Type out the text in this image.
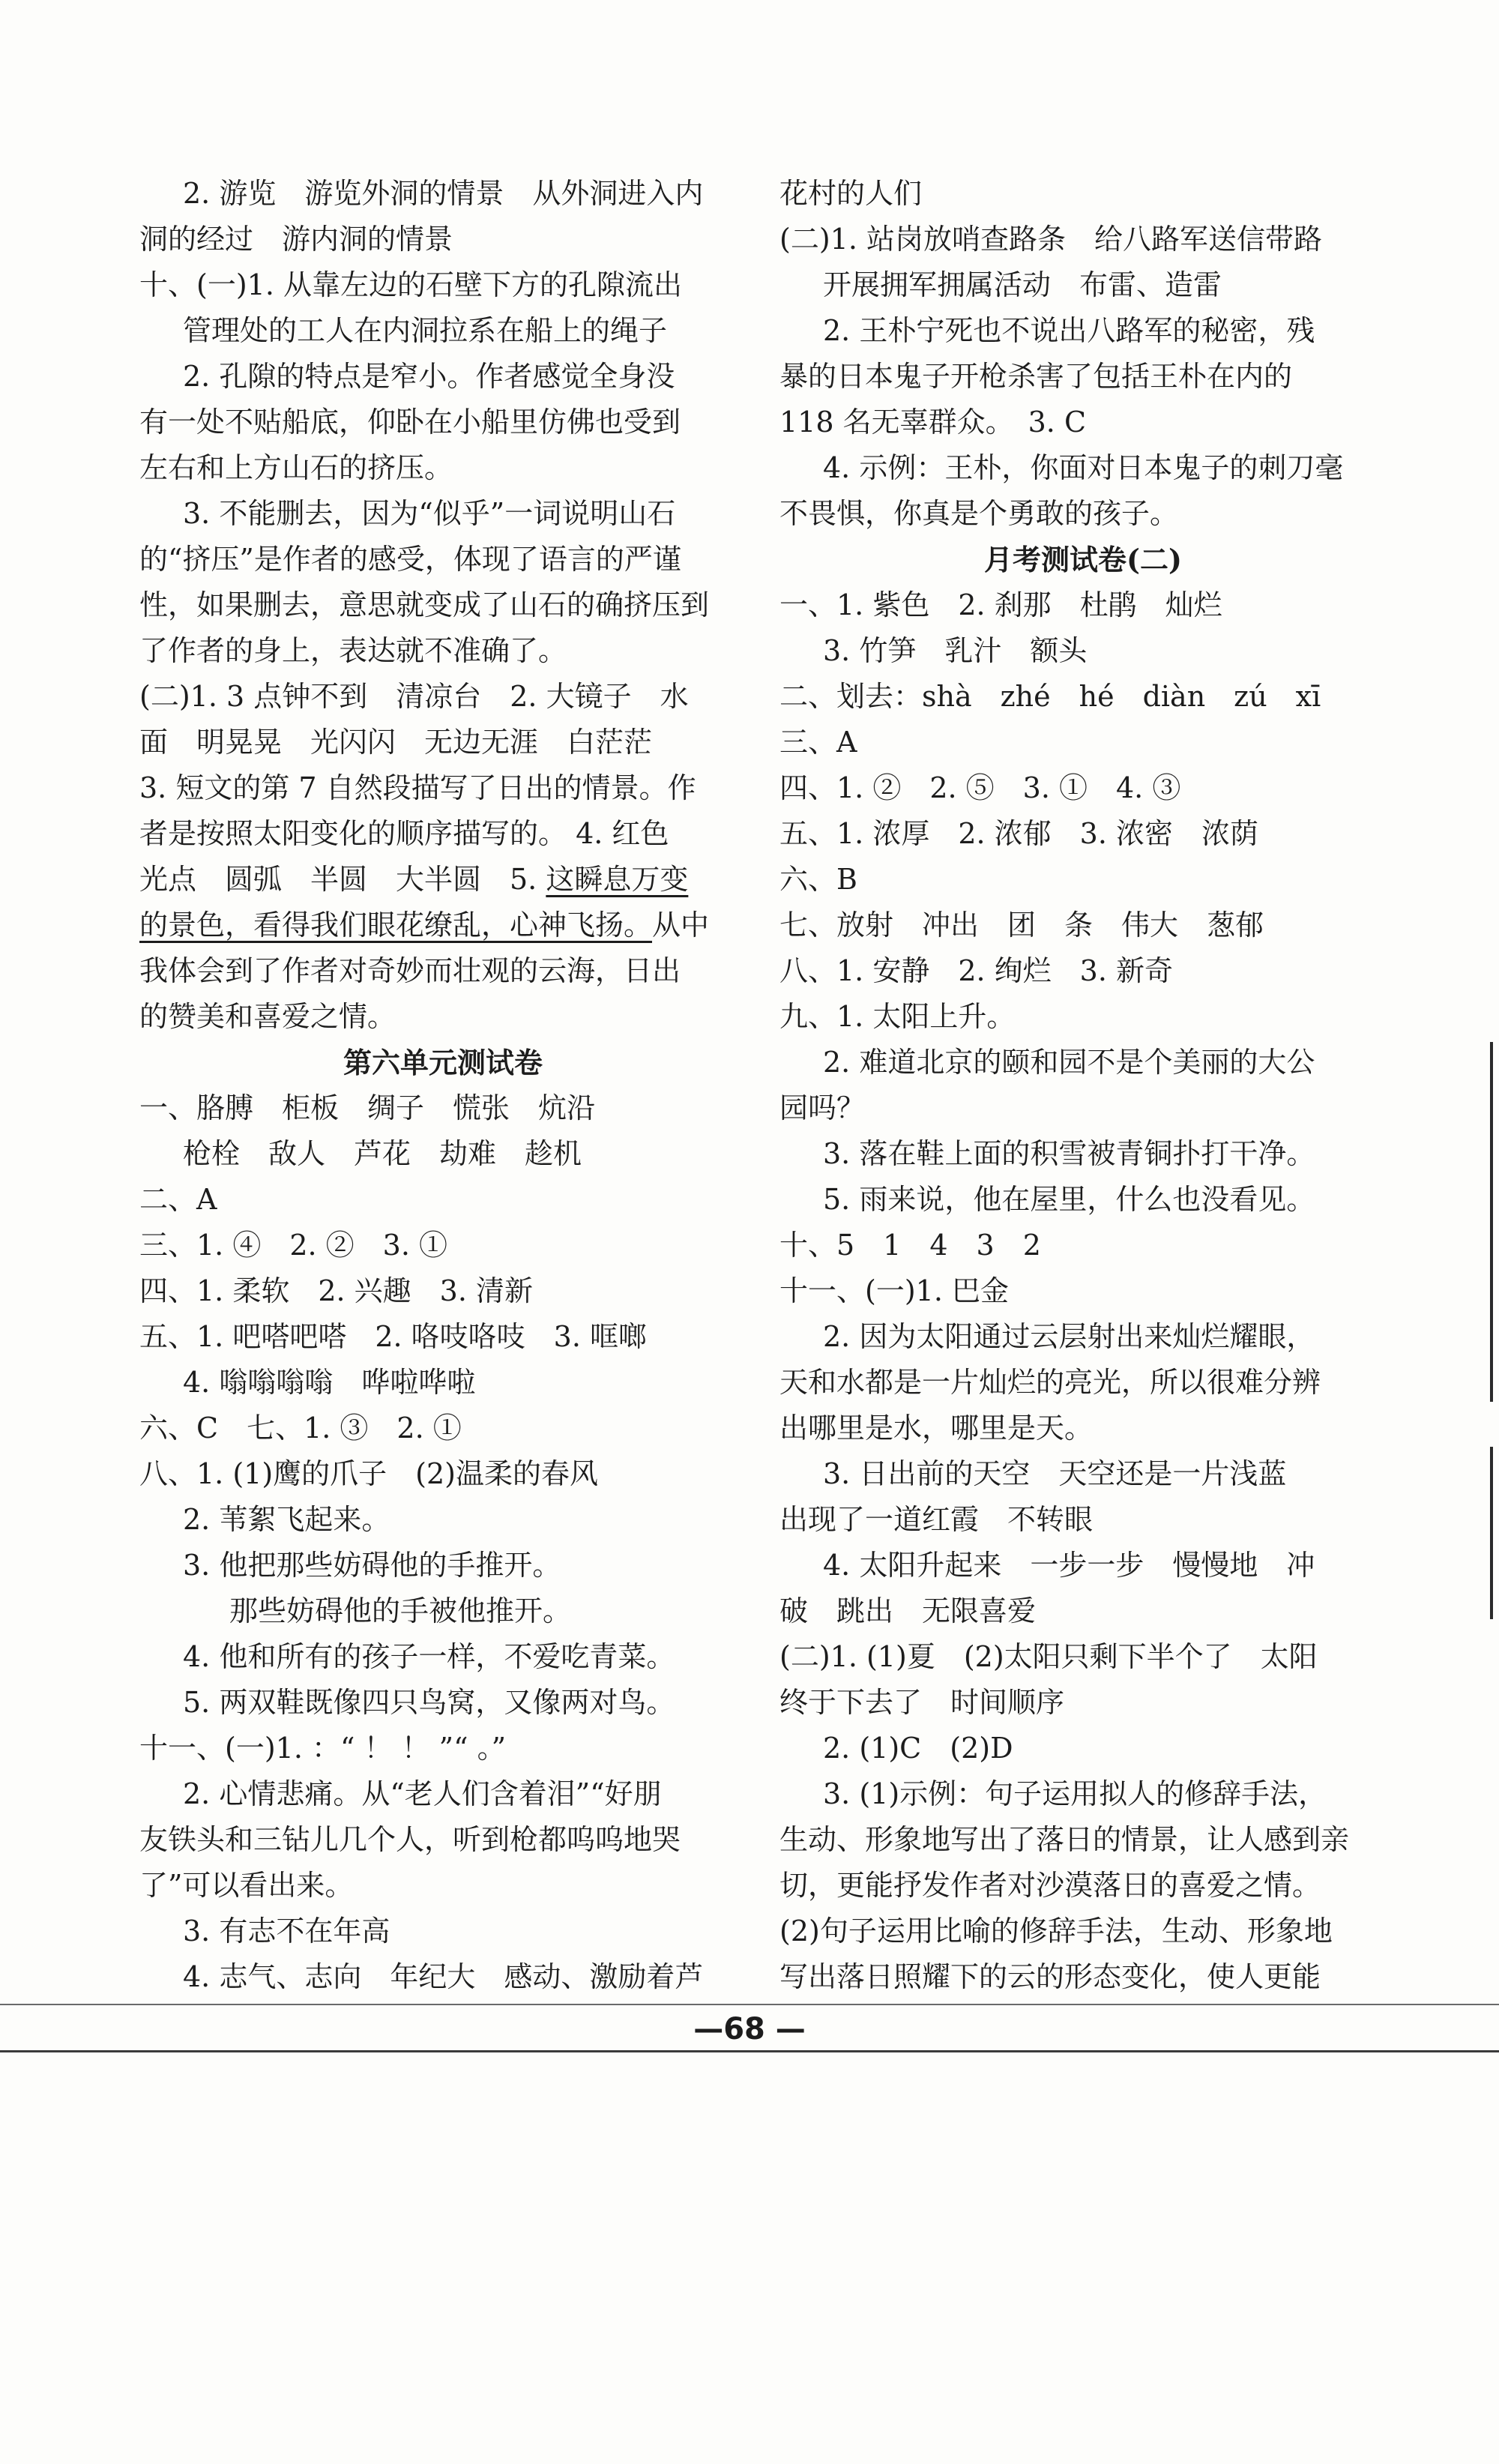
2. 游览　游览外洞的情景　从外洞进入内
洞的经过　游内洞的情景
十、(一)1. 从靠左边的石壁下方的孔隙流出
管理处的工人在内洞拉系在船上的绳子
2. 孔隙的特点是窄小。作者感觉全身没
有一处不贴船底，仰卧在小船里仿佛也受到
左右和上方山石的挤压。
3. 不能删去，因为“似乎”一词说明山石
的“挤压”是作者的感受，体现了语言的严谨
性，如果删去，意思就变成了山石的确挤压到
了作者的身上，表达就不准确了。
(二)1. 3 点钟不到　清凉台　2. 大镜子　水
面　明晃晃　光闪闪　无边无涯　白茫茫
3. 短文的第 7 自然段描写了日出的情景。作
者是按照太阳变化的顺序描写的。 4. 红色
光点　圆弧　半圆　大半圆　5. 这瞬息万变
的景色，看得我们眼花缭乱，心神飞扬。从中
我体会到了作者对奇妙而壮观的云海，日出
的赞美和喜爱之情。
第六单元测试卷
一、胳膊　柜板　绸子　慌张　炕沿
枪栓　敌人　芦花　劫难　趁机
二、A
三、1. ④　2. ②　3. ①
四、1. 柔软　2. 兴趣　3. 清新
五、1. 吧嗒吧嗒　2. 咯吱咯吱　3. 哐啷
4. 嗡嗡嗡嗡　哗啦哗啦
六、C　七、1. ③　2. ①
八、1. (1)鹰的爪子　(2)温柔的春风
2. 苇絮飞起来。
3. 他把那些妨碍他的手推开。
那些妨碍他的手被他推开。
4. 他和所有的孩子一样，不爱吃青菜。
5. 两双鞋既像四只鸟窝，又像两对鸟。
十一、(一)1. ：“ ！ ！ ”“ 。”
2. 心情悲痛。从“老人们含着泪”“好朋
友铁头和三钻儿几个人，听到枪都呜呜地哭
了”可以看出来。
3. 有志不在年高
4. 志气、志向　年纪大　感动、激励着芦
花村的人们
(二)1. 站岗放哨查路条　给八路军送信带路
开展拥军拥属活动　布雷、造雷
2. 王朴宁死也不说出八路军的秘密，残
暴的日本鬼子开枪杀害了包括王朴在内的
118 名无辜群众。　3. C
4. 示例：王朴，你面对日本鬼子的刺刀毫
不畏惧，你真是个勇敢的孩子。
月考测试卷(二)
一、1. 紫色　2. 刹那　杜鹃　灿烂
3. 竹笋　乳汁　额头
二、划去：shà　zhé　hé　diàn　zú　xī
三、A
四、1. ②　2. ⑤　3. ①　4. ③
五、1. 浓厚　2. 浓郁　3. 浓密　浓荫
六、B
七、放射　冲出　团　条　伟大　葱郁
八、1. 安静　2. 绚烂　3. 新奇
九、1. 太阳上升。
2. 难道北京的颐和园不是个美丽的大公
园吗？
3. 落在鞋上面的积雪被青铜扑打干净。
5. 雨来说，他在屋里，什么也没看见。
十、5　1　4　3　2
十一、(一)1. 巴金
2. 因为太阳通过云层射出来灿烂耀眼，
天和水都是一片灿烂的亮光，所以很难分辨
出哪里是水，哪里是天。
3. 日出前的天空　天空还是一片浅蓝
出现了一道红霞　不转眼
4. 太阳升起来　一步一步　慢慢地　冲
破　跳出　无限喜爱
(二)1. (1)夏　(2)太阳只剩下半个了　太阳
终于下去了　时间顺序
2. (1)C　(2)D
3. (1)示例：句子运用拟人的修辞手法，
生动、形象地写出了落日的情景，让人感到亲
切，更能抒发作者对沙漠落日的喜爱之情。
(2)句子运用比喻的修辞手法，生动、形象地
写出落日照耀下的云的形态变化，使人更能
—68 —
